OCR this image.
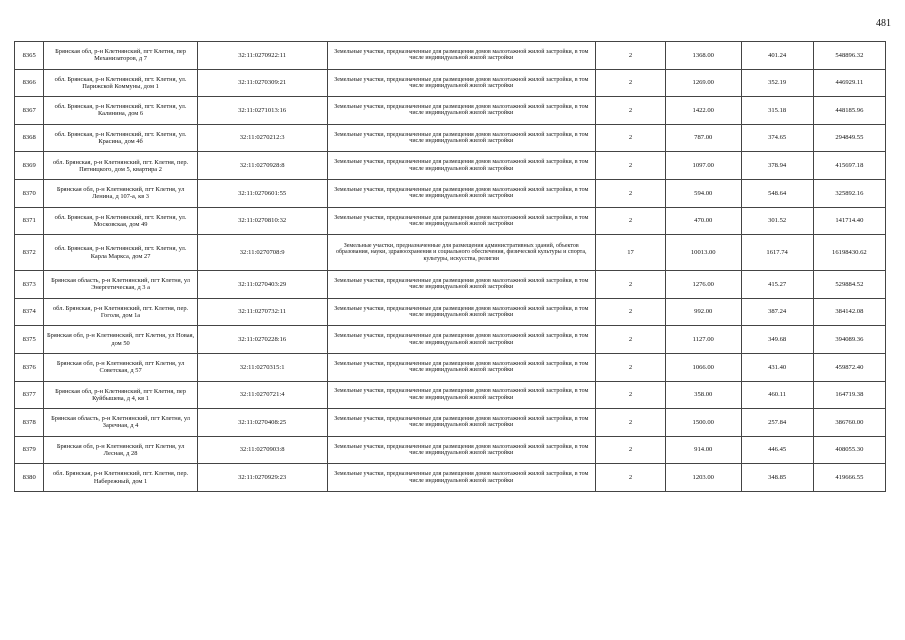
481
8365	Брянская обл, р-н Клетнянский, пгт Клетня, пер Механизаторов, д 7	32:11:0270922:11	Земельные участки, предназначенные для размещения домов малоэтажной жилой застройки, в том числе индивидуальной жилой застройки	2	1368.00	401.24	548896.32
8366	обл. Брянская, р-н Клетнянский, пгт. Клетня, ул. Парижской Коммуны, дом 1	32:11:0270309:21	Земельные участки, предназначенные для размещения домов малоэтажной жилой застройки, в том числе индивидуальной жилой застройки	2	1269.00	352.19	446929.11
8367	обл. Брянская, р-н Клетнянский, пгт. Клетня, ул. Калинина, дом 6	32:11:0271013:16	Земельные участки, предназначенные для размещения домов малоэтажной жилой застройки, в том числе индивидуальной жилой застройки	2	1422.00	315.18	448185.96
8368	обл. Брянская, р-н Клетнянский, пгт. Клетня, ул. Красина, дом 4б	32:11:0270212:3	Земельные участки, предназначенные для размещения домов малоэтажной жилой застройки, в том числе индивидуальной жилой застройки	2	787.00	374.65	294849.55
8369	обл. Брянская, р-н Клетнянский, пгт. Клетня, пер. Пятницкого, дом 5, квартира 2	32:11:0270928:8	Земельные участки, предназначенные для размещения домов малоэтажной жилой застройки, в том числе индивидуальной жилой застройки	2	1097.00	378.94	415697.18
8370	Брянская обл, р-н Клетнянский, пгт Клетня, ул Ленина, д 107-а, кв 3	32:11:0270601:55	Земельные участки, предназначенные для размещения домов малоэтажной жилой застройки, в том числе индивидуальной жилой застройки	2	594.00	548.64	325892.16
8371	обл. Брянская, р-н Клетнянский, пгт. Клетня, ул. Московская, дом 49	32:11:0270810:32	Земельные участки, предназначенные для размещения домов малоэтажной жилой застройки, в том числе индивидуальной жилой застройки	2	470.00	301.52	141714.40
8372	обл. Брянская, р-н Клетнянский, пгт. Клетня, ул. Карла Маркса, дом 27	32:11:0270708:9	Земельные участки, предназначенные для размещения административных зданий, объектов образования, науки, здравоохранения и социального обеспечения, физической культуры и спорта, культуры, искусства, религии	17	10013.00	1617.74	16198430.62
8373	Брянская область, р-н Клетнянский, пгт Клетня, ул Энергетическая, д 3 а	32:11:0270403:29	Земельные участки, предназначенные для размещения домов малоэтажной жилой застройки, в том числе индивидуальной жилой застройки	2	1276.00	415.27	529884.52
8374	обл. Брянская, р-н Клетнянский, пгт. Клетня, пер. Гоголя, дом 1а	32:11:0270732:11	Земельные участки, предназначенные для размещения домов малоэтажной жилой застройки, в том числе индивидуальной жилой застройки	2	992.00	387.24	384142.08
8375	Брянская обл, р-н Клетнянский, пгт Клетня, ул Новая, дом 50	32:11:0270228:16	Земельные участки, предназначенные для размещения домов малоэтажной жилой застройки, в том числе индивидуальной жилой застройки	2	1127.00	349.68	394089.36
8376	Брянская обл, р-н Клетнянский, пгт Клетня, ул Советская, д 57	32:11:0270315:1	Земельные участки, предназначенные для размещения домов малоэтажной жилой застройки, в том числе индивидуальной жилой застройки	2	1066.00	431.40	459872.40
8377	Брянская обл, р-н Клетнянский, пгт Клетня, пер Куйбышева, д 4, кв 1	32:11:0270721:4	Земельные участки, предназначенные для размещения домов малоэтажной жилой застройки, в том числе индивидуальной жилой застройки	2	358.00	460.11	164719.38
8378	Брянская область, р-н Клетнянский, пгт Клетня, ул Заречная, д 4	32:11:0270408:25	Земельные участки, предназначенные для размещения домов малоэтажной жилой застройки, в том числе индивидуальной жилой застройки	2	1500.00	257.84	386760.00
8379	Брянская обл, р-н Клетнянский, пгт Клетня, ул Лесная, д 28	32:11:0270903:8	Земельные участки, предназначенные для размещения домов малоэтажной жилой застройки, в том числе индивидуальной жилой застройки	2	914.00	446.45	408055.30
8380	обл. Брянская, р-н Клетнянский, пгт. Клетня, пер. Набережный, дом 1	32:11:0270929:23	Земельные участки, предназначенные для размещения домов малоэтажной жилой застройки, в том числе индивидуальной жилой застройки	2	1203.00	348.85	419666.55
